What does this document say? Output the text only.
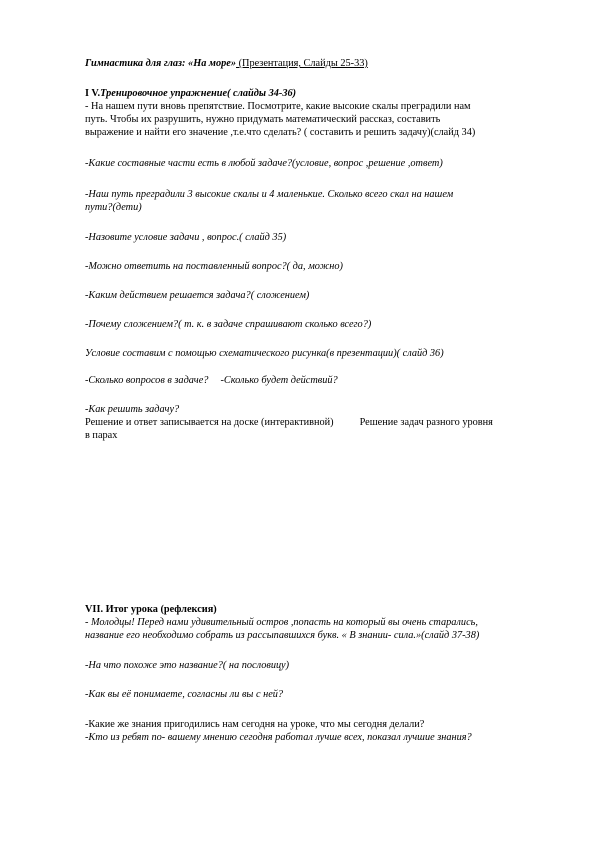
Гимнастика для глаз: «На море» (Презентация, Слайды 25-33)
I V.Тренировочное упражнение( слайды 34-36)
- На нашем пути вновь препятствие. Посмотрите, какие высокие скалы преградили нам
путь. Чтобы их разрушить, нужно придумать математический рассказ, составить
выражение и найти его значение ,т.е.что сделать? ( составить и решить задачу)(слайд 34)
-Какие составные части есть в любой задаче?(условие, вопрос ,решение ,ответ)
-Наш путь преградили 3 высокие скалы и 4 маленькие. Сколько всего скал на нашем
пути?(дети)
-Назовите условие задачи , вопрос.( слайд 35)
-Можно ответить на поставленный вопрос?( да, можно)
-Каким действием решается задача?( сложением)
-Почему сложением?( т. к. в задаче спрашивают сколько всего?)
Условие составим с помощью схематического рисунка(в презентации)( слайд 36)
-Сколько вопросов в задаче? -Сколько будет действий?
-Как решить задачу?
Решение и ответ записывается на доске (интерактивной)	Решение задач разного уровня
в парах
VII. Итог урока (рефлексия)
- Молодцы! Перед нами удивительный остров ,попасть на который вы очень старались,
название его необходимо собрать из рассыпавшихся букв. « В знании- сила.»(слайд 37-38)
-На что похоже это название?( на пословицу)
-Как вы её понимаете, согласны ли вы с ней?
-Какие же знания пригодились нам сегодня на уроке, что мы сегодня делали?
-Кто из ребят по- вашему мнению сегодня работал лучше всех, показал лучшие знания?
